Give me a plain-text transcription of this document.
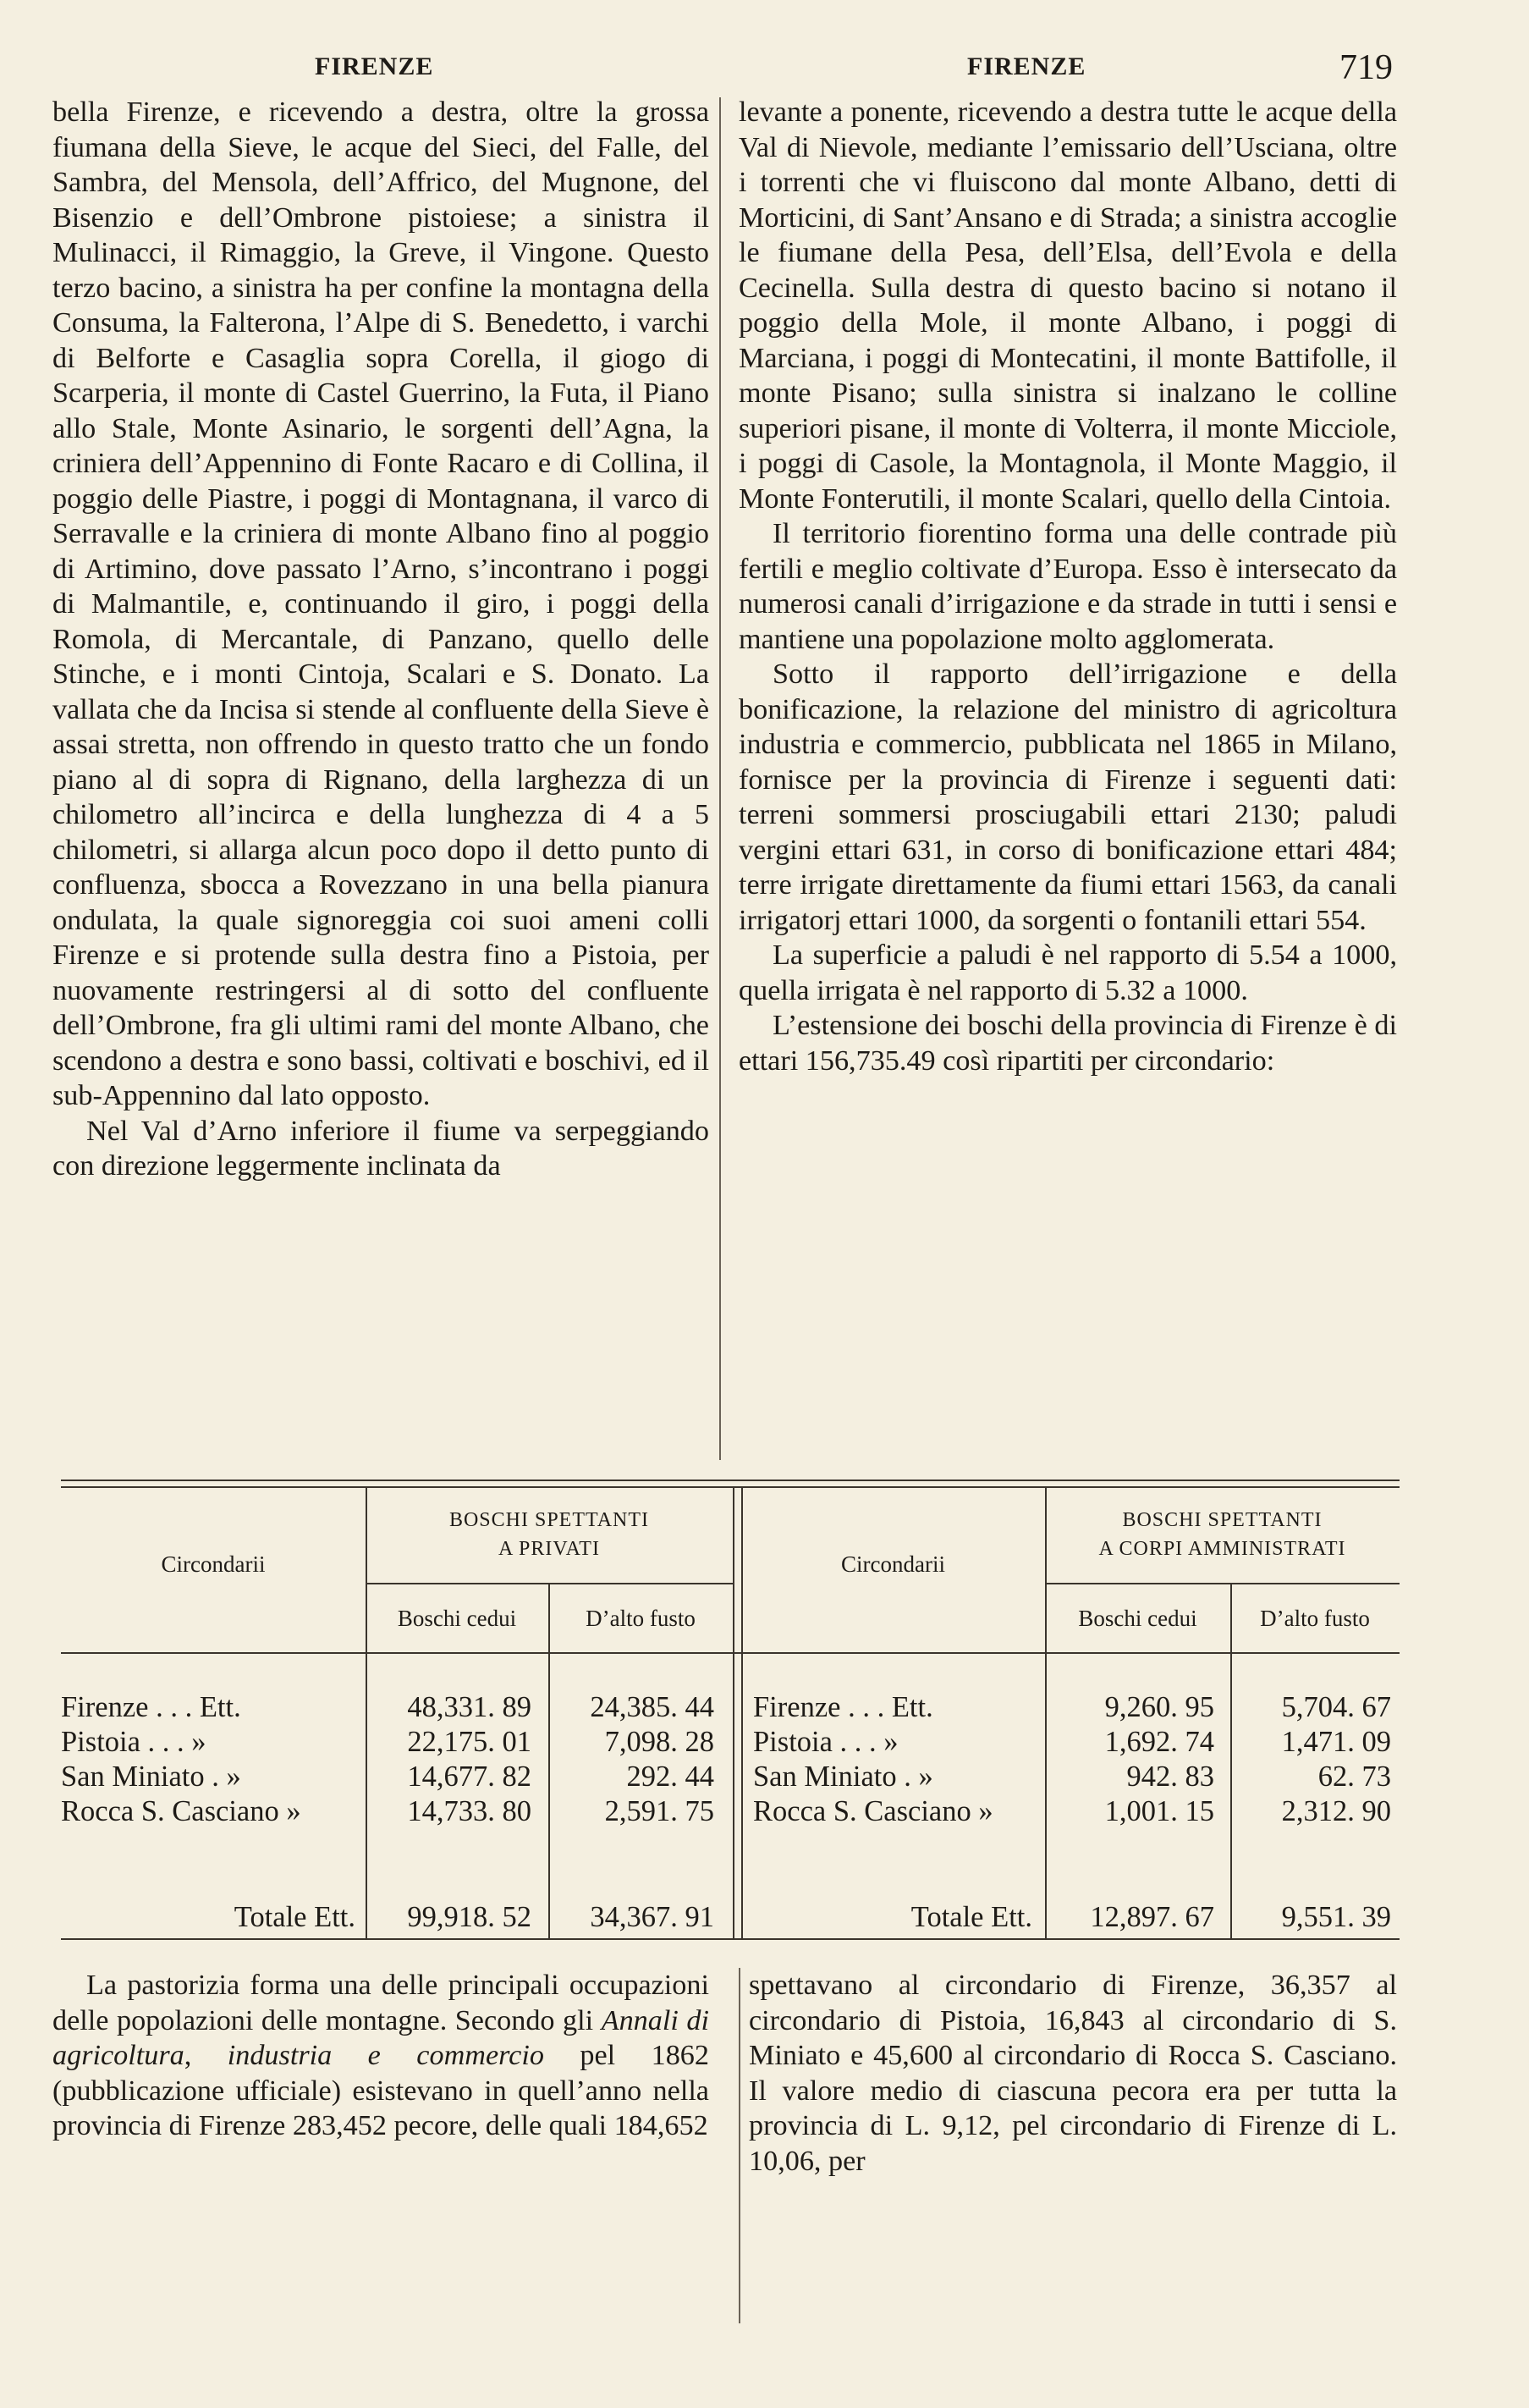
FIRENZE	FIRENZE	719

bella Firenze, e ricevendo a destra, oltre la grossa fiumana della Sieve, le acque del Sieci, del Falle, del Sambra, del Mensola, dell’Affrico, del Mugnone, del Bisenzio e dell’Ombrone pistoiese; a sinistra il Mulinacci, il Rimaggio, la Greve, il Vingone. Questo terzo bacino, a sinistra ha per confine la montagna della Consuma, la Falterona, l’Alpe di S. Benedetto, i varchi di Belforte e Casaglia sopra Corella, il giogo di Scarperia, il monte di Castel Guerrino, la Futa, il Piano allo Stale, Monte Asinario, le sorgenti dell’Agna, la criniera dell’Appennino di Fonte Racaro e di Collina, il poggio delle Piastre, i poggi di Montagnana, il varco di Serravalle e la criniera di monte Albano fino al poggio di Artimino, dove passato l’Arno, s’incontrano i poggi di Malmantile, e, continuando il giro, i poggi della Romola, di Mercantale, di Panzano, quello delle Stinche, e i monti Cintoja, Scalari e S. Donato. La vallata che da Incisa si stende al confluente della Sieve è assai stretta, non offrendo in questo tratto che un fondo piano al di sopra di Rignano, della larghezza di un chilometro all’incirca e della lunghezza di 4 a 5 chilometri, si allarga alcun poco dopo il detto punto di confluenza, sbocca a Rovezzano in una bella pianura ondulata, la quale signoreggia coi suoi ameni colli Firenze e si protende sulla destra fino a Pistoia, per nuovamente restringersi al di sotto del confluente dell’Ombrone, fra gli ultimi rami del monte Albano, che scendono a destra e sono bassi, coltivati e boschivi, ed il sub-Appennino dal lato opposto.

Nel Val d’Arno inferiore il fiume va serpeggiando con direzione leggermente inclinata da

levante a ponente, ricevendo a destra tutte le acque della Val di Nievole, mediante l’emissario dell’Usciana, oltre i torrenti che vi fluiscono dal monte Albano, detti di Morticini, di Sant’Ansano e di Strada; a sinistra accoglie le fiumane della Pesa, dell’Elsa, dell’Evola e della Cecinella. Sulla destra di questo bacino si notano il poggio della Mole, il monte Albano, i poggi di Marciana, i poggi di Montecatini, il monte Battifolle, il monte Pisano; sulla sinistra si inalzano le colline superiori pisane, il monte di Volterra, il monte Micciole, i poggi di Casole, la Montagnola, il Monte Maggio, il Monte Fonterutili, il monte Scalari, quello della Cintoia.

Il territorio fiorentino forma una delle contrade più fertili e meglio coltivate d’Europa. Esso è intersecato da numerosi canali d’irrigazione e da strade in tutti i sensi e mantiene una popolazione molto agglomerata.

Sotto il rapporto dell’irrigazione e della bonificazione, la relazione del ministro di agricoltura industria e commercio, pubblicata nel 1865 in Milano, fornisce per la provincia di Firenze i seguenti dati: terreni sommersi prosciugabili ettari 2130; paludi vergini ettari 631, in corso di bonificazione ettari 484; terre irrigate direttamente da fiumi ettari 1563, da canali irrigatorj ettari 1000, da sorgenti o fontanili ettari 554.

La superficie a paludi è nel rapporto di 5.54 a 1000, quella irrigata è nel rapporto di 5.32 a 1000.

L’estensione dei boschi della provincia di Firenze è di ettari 156,735.49 così ripartiti per circondario:

Circondarii
BOSCHI SPETTANTI
A PRIVATI
Boschi cedui	D’alto fusto
Circondarii
BOSCHI SPETTANTI
A CORPI AMMINISTRATI
Boschi cedui	D’alto fusto
Firenze . . . Ett.	48,331. 89	24,385. 44
Pistoia . . . »	22,175. 01	7,098. 28
San Miniato . »	14,677. 82	292. 44
Rocca S. Casciano »	14,733. 80	2,591. 75
Totale Ett.	99,918. 52	34,367. 91
Firenze . . . Ett.	9,260. 95	5,704. 67
Pistoia . . . »	1,692. 74	1,471. 09
San Miniato . »	942. 83	62. 73
Rocca S. Casciano »	1,001. 15	2,312. 90
Totale Ett.	12,897. 67	9,551. 39

La pastorizia forma una delle principali occupazioni delle popolazioni delle montagne. Secondo gli Annali di agricoltura, industria e commercio pel 1862 (pubblicazione ufficiale) esistevano in quell’anno nella provincia di Firenze 283,452 pecore, delle quali 184,652

spettavano al circondario di Firenze, 36,357 al circondario di Pistoia, 16,843 al circondario di S. Miniato e 45,600 al circondario di Rocca S. Casciano. Il valore medio di ciascuna pecora era per tutta la provincia di L. 9,12, pel circondario di Firenze di L. 10,06, per
